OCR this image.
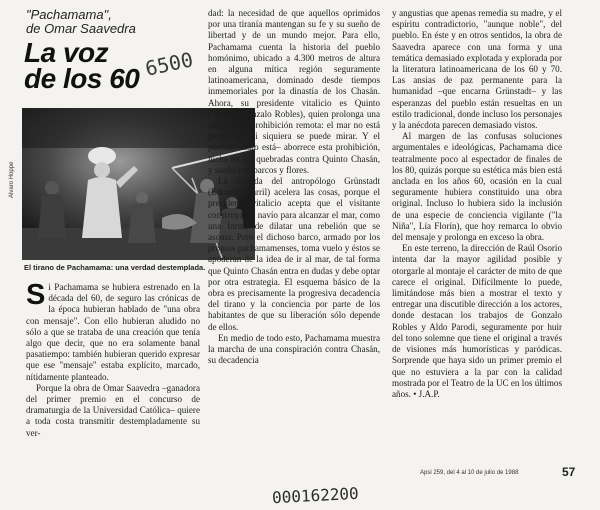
"Pachamama",
de Omar Saavedra
La voz
de los 60 6500
Alvaro Hoppe
El tirano de Pachamama: una verdad destemplada.

Si Pachamama se hubiera estrenado en la década del 60, de seguro las crónicas de la época hubieran hablado de "una obra con mensaje". Con ello hubieran aludido no sólo a que se trataba de una creación que tenía algo que decir, que no era solamente banal pasatiempo: también hubieran querido expresar que ese "mensaje" estaba explícito, marcado, nítidamente planteado.

Porque la obra de Omar Saavedra –ganadora del primer premio en el concurso de dramaturgia de la Universidad Católica– quiere a toda costa transmitir destempladamente su ver-

dad: la necesidad de que aquellos oprimidos por una tiranía mantengan su fe y su sueño de libertad y de un mundo mejor. Para ello, Pachamama cuenta la historia del pueblo homónimo, ubicado a 4.300 metros de altura en alguna mítica región seguramente latinoamericana, dominado desde tiempos inmemoriales por la dinastía de los Chasán. Ahora, su presidente vitalicio es Quinto Chasán (Gonzalo Robles), quien prolonga una enigmática prohibición remota: el mar no está permitido, ni siquiera se puede mirar. Y el pueblo –claro está– aborrece esta prohibición, lucha en las quebradas contra Quinto Chasán, y sueña con barcos y flores.

La llegada del antropólogo Grünstadt (Eduardo Barril) acelera las cosas, porque el presidente vitalicio acepta que el visitante construya un navío para alcanzar el mar, como una forma de dilatar una rebelión que se asoma. Pero el dichoso barco, armado por los propios pachamamenses, toma vuelo y éstos se apoderan de la idea de ir al mar, de tal forma que Quinto Chasán entra en dudas y debe optar por otra estrategia. El esquema básico de la obra es precisamente la progresiva decadencia del tirano y la conciencia por parte de los habitantes de que su liberación sólo depende de ellos.

En medio de todo esto, Pachamama muestra la marcha de una conspiración contra Chasán, su decadencia

y angustias que apenas remedia su madre, y el espíritu contradictorio, "aunque noble", del pueblo. En éste y en otros sentidos, la obra de Saavedra aparece con una forma y una temática demasiado explotada y explorada por la literatura latinoamericana de los 60 y 70. Las ansias de paz permanente para la humanidad –que encarna Grünstadt– y las esperanzas del pueblo están resueltas en un estilo tradicional, donde incluso los personajes y la anécdota parecen demasiado vistos.

Al margen de las confusas soluciones argumentales e ideológicas, Pachamama dice teatralmente poco al espectador de finales de los 80, quizás porque su estética más bien está anclada en los años 60, ocasión en la cual seguramente hubiera constituido una obra original. Incluso lo hubiera sido la inclusión de una especie de conciencia vigilante ("la Niña", Lía Florín), que hoy remarca lo obvio del mensaje y prolonga en exceso la obra.

En este terreno, la dirección de Raúl Osorio intenta dar la mayor agilidad posible y otorgarle al montaje el carácter de mito de que carece el original. Difícilmente lo puede, limitándose más bien a mostrar el texto y entregar una discutible dirección a los actores, donde destacan los trabajos de Gonzalo Robles y Aldo Parodi, seguramente por huir del tono solemne que tiene el original a través de visiones más humorísticas y paródicas. Sorprende que haya sido un primer premio el que no estuviera a la par con la calidad mostrada por el Teatro de la UC en los últimos años. • J.A.P.

Apsi 259, del 4 al 10 de julio de 1988	57
000162200
